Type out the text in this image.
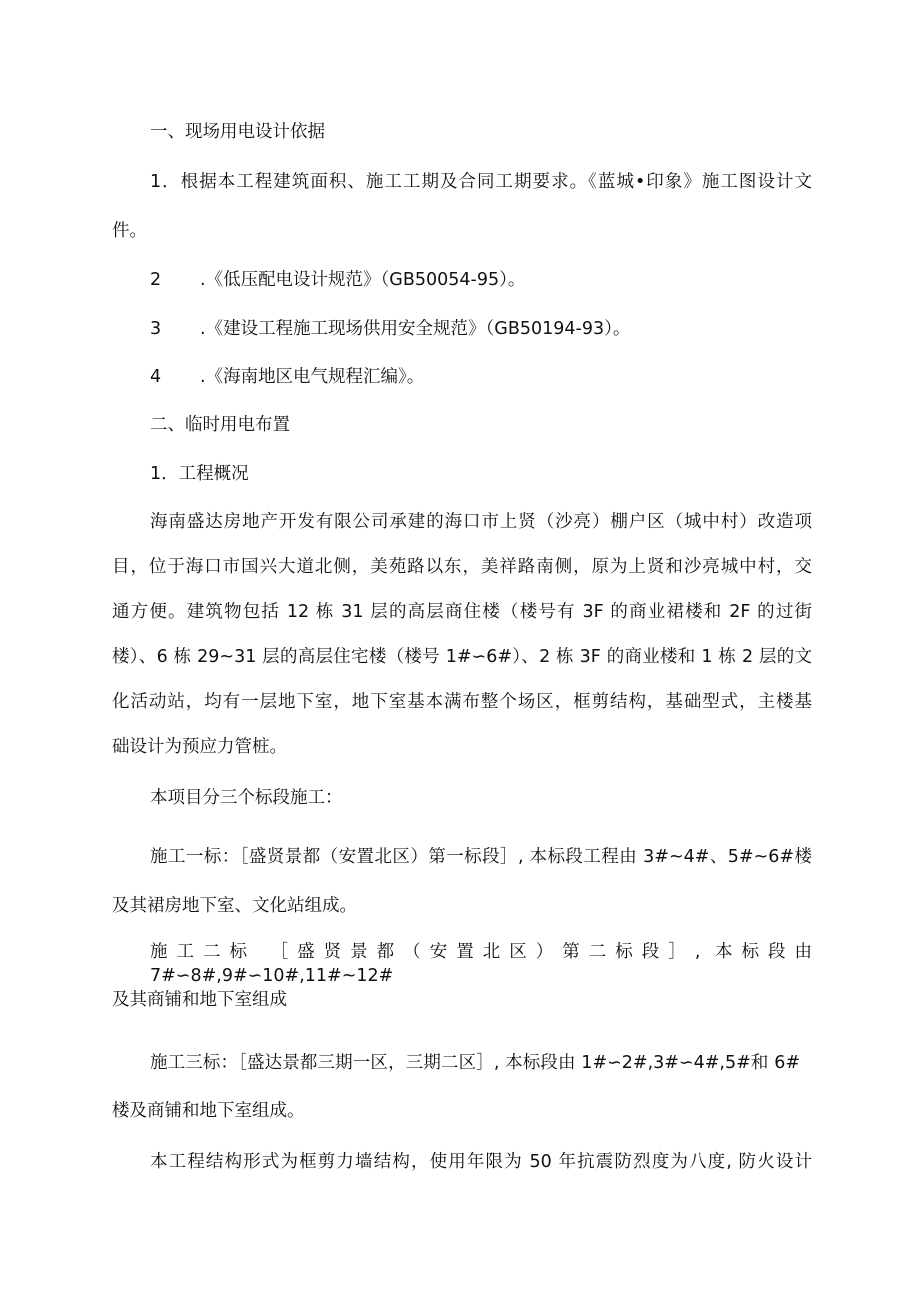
一、现场用电设计依据
1．根据本工程建筑面积、施工工期及合同工期要求。《蓝城•印象》施工图设计文
件。
2 .《低压配电设计规范》（GB50054-95）。
3 .《建设工程施工现场供用安全规范》（GB50194-93）。
4 .《海南地区电气规程汇编》。
二、临时用电布置
1．工程概况
海南盛达房地产开发有限公司承建的海口市上贤（沙亮）棚户区（城中村）改造项
目，位于海口市国兴大道北侧，美苑路以东，美祥路南侧，原为上贤和沙亮城中村，交
通方便。建筑物包括 12 栋 31 层的高层商住楼（楼号有 3F 的商业裙楼和 2F 的过街
楼）、6 栋 29~31 层的高层住宅楼（楼号 1#∽6#）、2 栋 3F 的商业楼和 1 栋 2 层的文
化活动站，均有一层地下室，地下室基本满布整个场区，框剪结构，基础型式，主楼基
础设计为预应力管桩。
本项目分三个标段施工：
施工一标：［盛贤景都（安置北区）第一标段］, 本标段工程由 3#~4#、5#~6#楼
及其裙房地下室、文化站组成。
施工二标 ［盛贤景都（安置北区）第二标段］, 本标段由 7#∽8#,9#∽10#,11#~12#
及其商铺和地下室组成
施工三标：［盛达景都三期一区，三期二区］, 本标段由 1#∽2#,3#∽4#,5#和 6#
楼及商铺和地下室组成。
本工程结构形式为框剪力墙结构，使用年限为 50 年抗震防烈度为八度, 防火设计
